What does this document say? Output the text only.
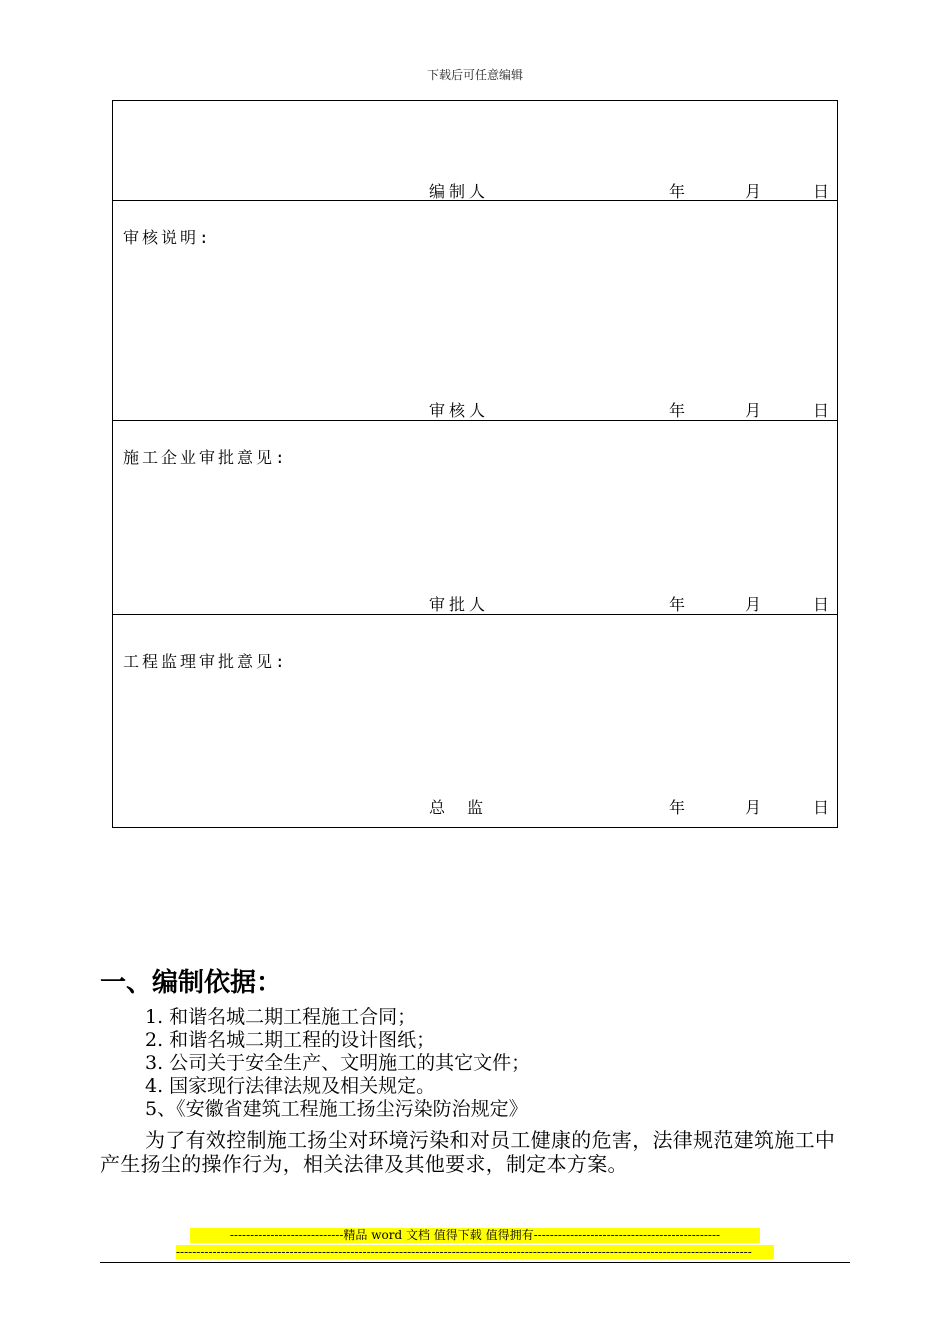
下载后可任意编辑
编制人	年	月	日
审核说明:
审核人	年	月	日
施工企业审批意见:
审批人	年	月	日
工程监理审批意见:
总监	年	月	日
一、编制依据：
1. 和谐名城二期工程施工合同；
2. 和谐名城二期工程的设计图纸；
3. 公司关于安全生产、文明施工的其它文件；
4. 国家现行法律法规及相关规定。
5、《安徽省建筑工程施工扬尘污染防治规定》
为了有效控制施工扬尘对环境污染和对员工健康的危害，法律规范建筑施工中产生扬尘的操作行为，相关法律及其他要求，制定本方案。
----------------------------精品 word 文档 值得下载 值得拥有----------------------------------------------
----------------------------------------------------------------------------------------------------------------------------------------------
